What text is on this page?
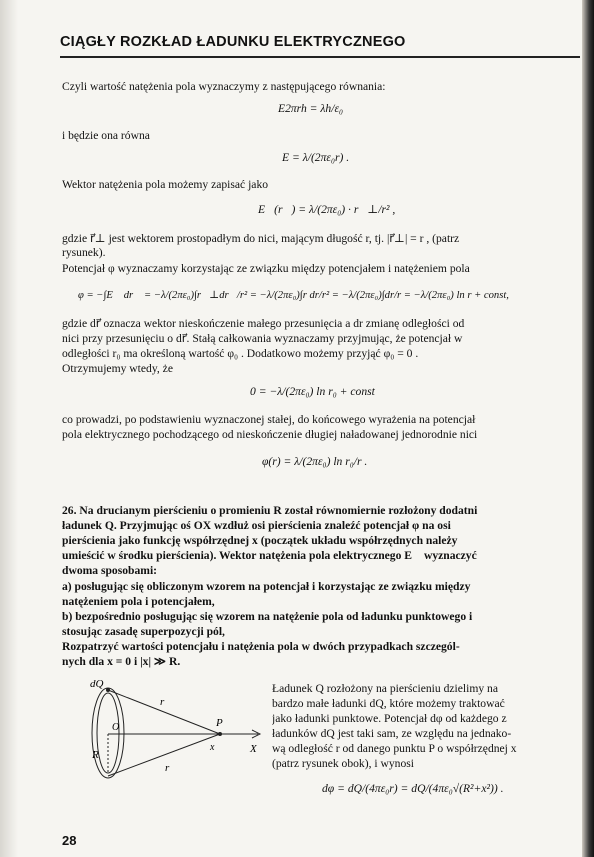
CIĄGŁY ROZKŁAD ŁADUNKU ELEKTRYCZNEGO
Czyli wartość natężenia pola wyznaczymy z następującego równania:
E2πrh = λh/ε₀
i będzie ona równa
E = λ/(2πε₀r) .
Wektor natężenia pola możemy zapisać jako
E⃗(r⃗) = λ/(2πε₀) · r⃗⊥/r² ,
gdzie r⃗⊥ jest wektorem prostopadłym do nici, mającym długość r, tj. |r⃗⊥| = r , (patrz
rysunek).
Potencjał φ wyznaczamy korzystając ze związku między potencjałem i natężeniem pola
φ = −∫E⃗ dr⃗ = −λ/(2πε₀)∫r⃗⊥dr⃗/r² = −λ/(2πε₀)∫r dr/r² = −λ/(2πε₀)∫dr/r = −λ/(2πε₀) ln r + const,
gdzie dr⃗ oznacza wektor nieskończenie małego przesunięcia a dr zmianę odległości od
nici przy przesunięciu o dr⃗. Stałą całkowania wyznaczamy przyjmując, że potencjał w
odległości r₀ ma określoną wartość φ₀ . Dodatkowo możemy przyjąć φ₀ = 0 .
Otrzymujemy wtedy, że
0 = −λ/(2πε₀) ln r₀ + const
co prowadzi, po podstawieniu wyznaczonej stałej, do końcowego wyrażenia na potencjał
pola elektrycznego pochodzącego od nieskończenie długiej naładowanej jednorodnie nici
φ(r) = λ/(2πε₀) ln r₀/r .
26. Na drucianym pierścieniu o promieniu R został równomiernie rozłożony dodatni
ładunek Q. Przyjmując oś OX wzdłuż osi pierścienia znaleźć potencjał φ na osi
pierścienia jako funkcję współrzędnej x (początek układu współrzędnych należy
umieścić w środku pierścienia). Wektor natężenia pola elektrycznego E⃗ wyznaczyć
dwoma sposobami:
a) posługując się obliczonym wzorem na potencjał i korzystając ze związku między
natężeniem pola i potencjałem,
b) bezpośrednio posługując się wzorem na natężenie pola od ładunku punktowego i
stosując zasadę superpozycji pól,
Rozpatrzyć wartości potencjału i natężenia pola w dwóch przypadkach szczegól-
nych dla x = 0 i |x| ≫ R.
dQ
r
r
O
R
P
x	X
Ładunek Q rozłożony na pierścieniu dzielimy na
bardzo małe ładunki dQ, które możemy traktować
jako ładunki punktowe. Potencjał dφ od każdego z
ładunków dQ jest taki sam, ze względu na jednako-
wą odległość r od danego punktu P o współrzędnej x
(patrz rysunek obok), i wynosi
dφ = dQ/(4πε₀r) = dQ/(4πε₀√(R²+x²)) .
28
